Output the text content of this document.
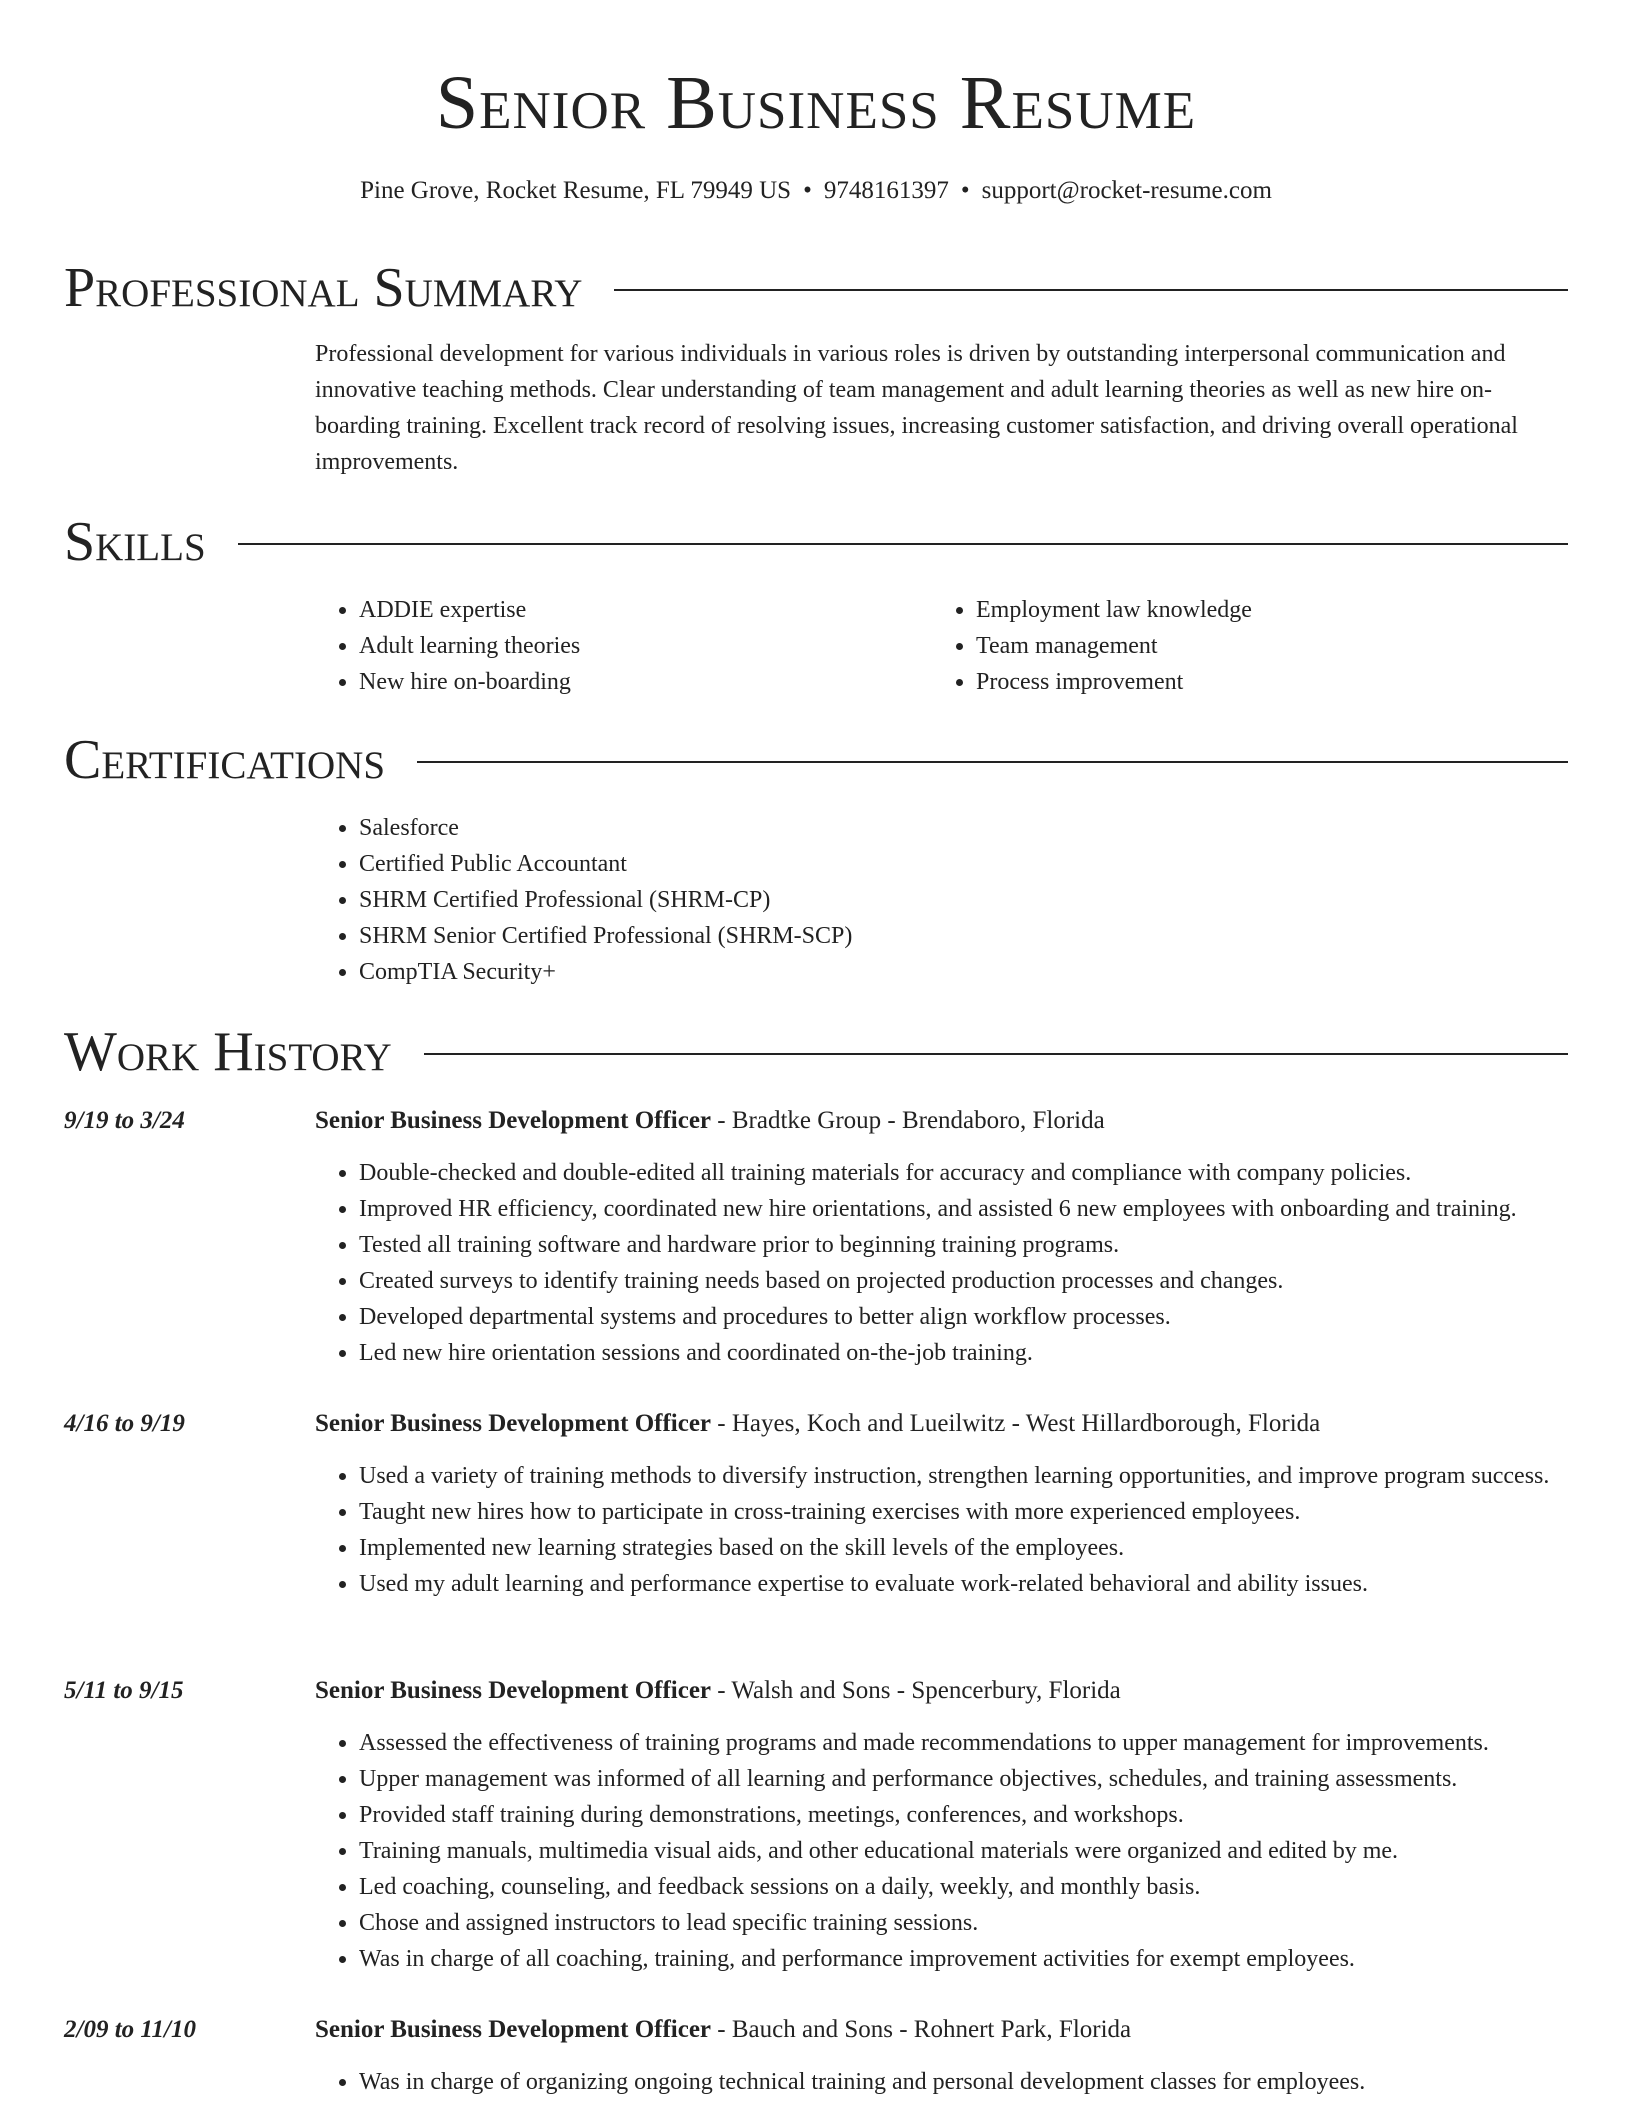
Senior Business Resume
Pine Grove, Rocket Resume, FL 79949 US • 9748161397 • support@rocket-resume.com
Professional Summary

Professional development for various individuals in various roles is driven by outstanding interpersonal communication and innovative teaching methods. Clear understanding of team management and adult learning theories as well as new hire on-boarding training. Excellent track record of resolving issues, increasing customer satisfaction, and driving overall operational improvements.

Skills
• ADDIE expertise
• Adult learning theories
• New hire on-boarding
• Employment law knowledge
• Team management
• Process improvement
Certifications
• Salesforce
• Certified Public Accountant
• SHRM Certified Professional (SHRM-CP)
• SHRM Senior Certified Professional (SHRM-SCP)
• CompTIA Security+
Work History
9/19 to 3/24	Senior Business Development Officer - Bradtke Group - Brendaboro, Florida
• Double-checked and double-edited all training materials for accuracy and compliance with company policies.
• Improved HR efficiency, coordinated new hire orientations, and assisted 6 new employees with onboarding and training.
• Tested all training software and hardware prior to beginning training programs.
• Created surveys to identify training needs based on projected production processes and changes.
• Developed departmental systems and procedures to better align workflow processes.
• Led new hire orientation sessions and coordinated on-the-job training.
4/16 to 9/19	Senior Business Development Officer - Hayes, Koch and Lueilwitz - West Hillardborough, Florida
• Used a variety of training methods to diversify instruction, strengthen learning opportunities, and improve program success.
• Taught new hires how to participate in cross-training exercises with more experienced employees.
• Implemented new learning strategies based on the skill levels of the employees.
• Used my adult learning and performance expertise to evaluate work-related behavioral and ability issues.
5/11 to 9/15	Senior Business Development Officer - Walsh and Sons - Spencerbury, Florida
• Assessed the effectiveness of training programs and made recommendations to upper management for improvements.
• Upper management was informed of all learning and performance objectives, schedules, and training assessments.
• Provided staff training during demonstrations, meetings, conferences, and workshops.
• Training manuals, multimedia visual aids, and other educational materials were organized and edited by me.
• Led coaching, counseling, and feedback sessions on a daily, weekly, and monthly basis.
• Chose and assigned instructors to lead specific training sessions.
• Was in charge of all coaching, training, and performance improvement activities for exempt employees.
2/09 to 11/10	Senior Business Development Officer - Bauch and Sons - Rohnert Park, Florida
• Was in charge of organizing ongoing technical training and personal development classes for employees.
